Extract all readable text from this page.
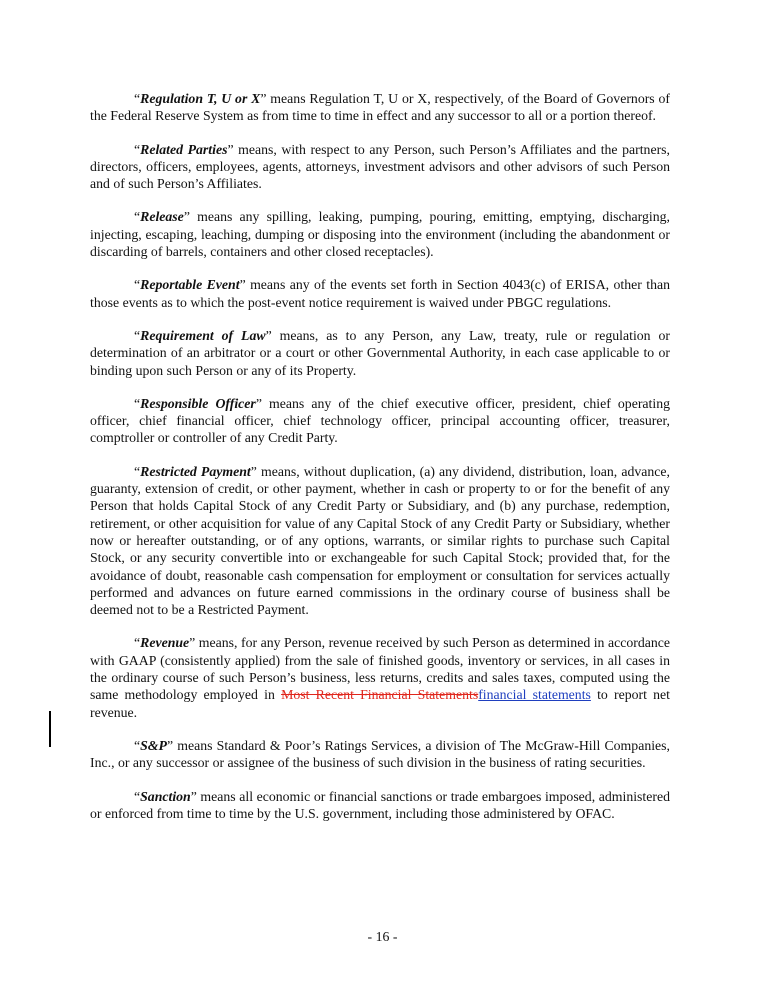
“Regulation T, U or X” means Regulation T, U or X, respectively, of the Board of Governors of the Federal Reserve System as from time to time in effect and any successor to all or a portion thereof.

“Related Parties” means, with respect to any Person, such Person’s Affiliates and the partners, directors, officers, employees, agents, attorneys, investment advisors and other advisors of such Person and of such Person’s Affiliates.

“Release” means any spilling, leaking, pumping, pouring, emitting, emptying, discharging, injecting, escaping, leaching, dumping or disposing into the environment (including the abandonment or discarding of barrels, containers and other closed receptacles).

“Reportable Event” means any of the events set forth in Section 4043(c) of ERISA, other than those events as to which the post-event notice requirement is waived under PBGC regulations.

“Requirement of Law” means, as to any Person, any Law, treaty, rule or regulation or determination of an arbitrator or a court or other Governmental Authority, in each case applicable to or binding upon such Person or any of its Property.

“Responsible Officer” means any of the chief executive officer, president, chief operating officer, chief financial officer, chief technology officer, principal accounting officer, treasurer, comptroller or controller of any Credit Party.

“Restricted Payment” means, without duplication, (a) any dividend, distribution, loan, advance, guaranty, extension of credit, or other payment, whether in cash or property to or for the benefit of any Person that holds Capital Stock of any Credit Party or Subsidiary, and (b) any purchase, redemption, retirement, or other acquisition for value of any Capital Stock of any Credit Party or Subsidiary, whether now or hereafter outstanding, or of any options, warrants, or similar rights to purchase such Capital Stock, or any security convertible into or exchangeable for such Capital Stock; provided that, for the avoidance of doubt, reasonable cash compensation for employment or consultation for services actually performed and advances on future earned commissions in the ordinary course of business shall be deemed not to be a Restricted Payment.

“Revenue” means, for any Person, revenue received by such Person as determined in accordance with GAAP (consistently applied) from the sale of finished goods, inventory or services, in all cases in the ordinary course of such Person’s business, less returns, credits and sales taxes, computed using the same methodology employed in Most Recent Financial Statementsfinancial statements to report net revenue.

“S&P” means Standard & Poor’s Ratings Services, a division of The McGraw-Hill Companies, Inc., or any successor or assignee of the business of such division in the business of rating securities.

“Sanction” means all economic or financial sanctions or trade embargoes imposed, administered or enforced from time to time by the U.S. government, including those administered by OFAC.

- 16 -
